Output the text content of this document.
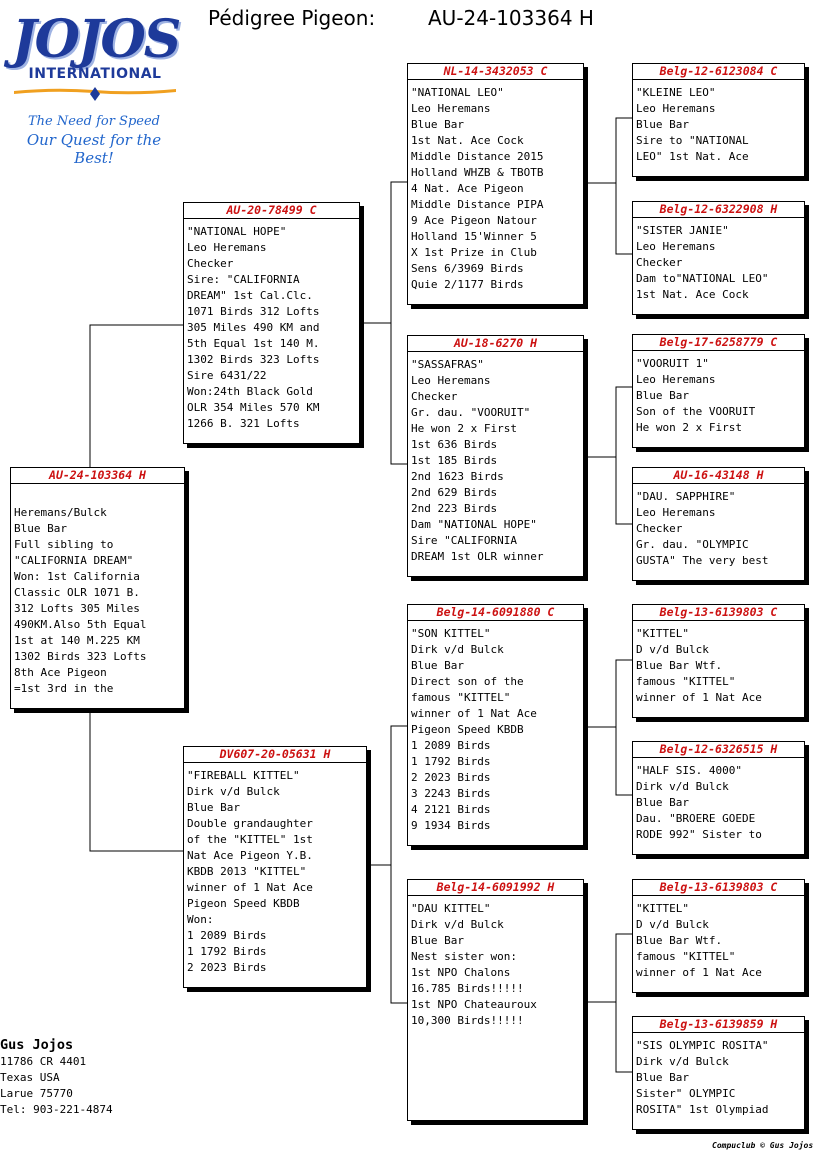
JOJOS
INTERNATIONAL
The Need for Speed
Our Quest for the Best!
Pédigree Pigeon:	AU-24-103364 H
AU-24-103364 H
Heremans/Bulck
Blue Bar
Full sibling to
"CALIFORNIA DREAM"
Won: 1st California
Classic OLR 1071 B.
312 Lofts 305 Miles
490KM.Also 5th Equal
1st at 140 M.225 KM
1302 Birds 323 Lofts
8th Ace Pigeon
=1st 3rd in the
AU-20-78499 C
"NATIONAL HOPE"
Leo Heremans
Checker
Sire: "CALIFORNIA
DREAM" 1st Cal.Clc.
1071 Birds 312 Lofts
305 Miles 490 KM and
5th Equal 1st 140 M.
1302 Birds 323 Lofts
Sire 6431/22
Won:24th Black Gold
OLR 354 Miles 570 KM
1266 B. 321 Lofts
DV607-20-05631 H
"FIREBALL KITTEL"
Dirk v/d Bulck
Blue Bar
Double grandaughter
of the "KITTEL" 1st
Nat Ace Pigeon Y.B.
KBDB 2013 "KITTEL"
winner of 1 Nat Ace
Pigeon Speed KBDB
Won:
1 2089 Birds
1 1792 Birds
2 2023 Birds
NL-14-3432053 C
"NATIONAL LEO"
Leo Heremans
Blue Bar
1st Nat. Ace Cock
Middle Distance 2015
Holland WHZB & TBOTB
4 Nat. Ace Pigeon
Middle Distance PIPA
9 Ace Pigeon Natour
Holland 15'Winner 5
X 1st Prize in Club
Sens 6/3969 Birds
Quie 2/1177 Birds
AU-18-6270 H
"SASSAFRAS"
Leo Heremans
Checker
Gr. dau. "VOORUIT"
He won 2 x First
1st 636 Birds
1st 185 Birds
2nd 1623 Birds
2nd 629 Birds
2nd 223 Birds
Dam "NATIONAL HOPE"
Sire "CALIFORNIA
DREAM 1st OLR winner
Belg-14-6091880 C
"SON KITTEL"
Dirk v/d Bulck
Blue Bar
Direct son of the
famous "KITTEL"
winner of 1 Nat Ace
Pigeon Speed KBDB
1 2089 Birds
1 1792 Birds
2 2023 Birds
3 2243 Birds
4 2121 Birds
9 1934 Birds
Belg-14-6091992 H
"DAU KITTEL"
Dirk v/d Bulck
Blue Bar
Nest sister won:
1st NPO Chalons
16.785 Birds!!!!!
1st NPO Chateauroux
10,300 Birds!!!!!
Belg-12-6123084 C
"KLEINE LEO"
Leo Heremans
Blue Bar
Sire to "NATIONAL
LEO" 1st Nat. Ace
Belg-12-6322908 H
"SISTER JANIE"
Leo Heremans
Checker
Dam to"NATIONAL LEO"
1st Nat. Ace Cock
Belg-17-6258779 C
"VOORUIT 1"
Leo Heremans
Blue Bar
Son of the VOORUIT
He won 2 x First
AU-16-43148 H
"DAU. SAPPHIRE"
Leo Heremans
Checker
Gr. dau. "OLYMPIC
GUSTA" The very best
Belg-13-6139803 C
"KITTEL"
D v/d Bulck
Blue Bar Wtf.
famous "KITTEL"
winner of 1 Nat Ace
Belg-12-6326515 H
"HALF SIS. 4000"
Dirk v/d Bulck
Blue Bar
Dau. "BROERE GOEDE
RODE 992" Sister to
Belg-13-6139803 C
"KITTEL"
D v/d Bulck
Blue Bar Wtf.
famous "KITTEL"
winner of 1 Nat Ace
Belg-13-6139859 H
"SIS OLYMPIC ROSITA"
Dirk v/d Bulck
Blue Bar
Sister" OLYMPIC
ROSITA" 1st Olympiad
Gus Jojos
11786 CR 4401
Texas USA
Larue 75770
Tel: 903-221-4874
Compuclub © Gus Jojos
